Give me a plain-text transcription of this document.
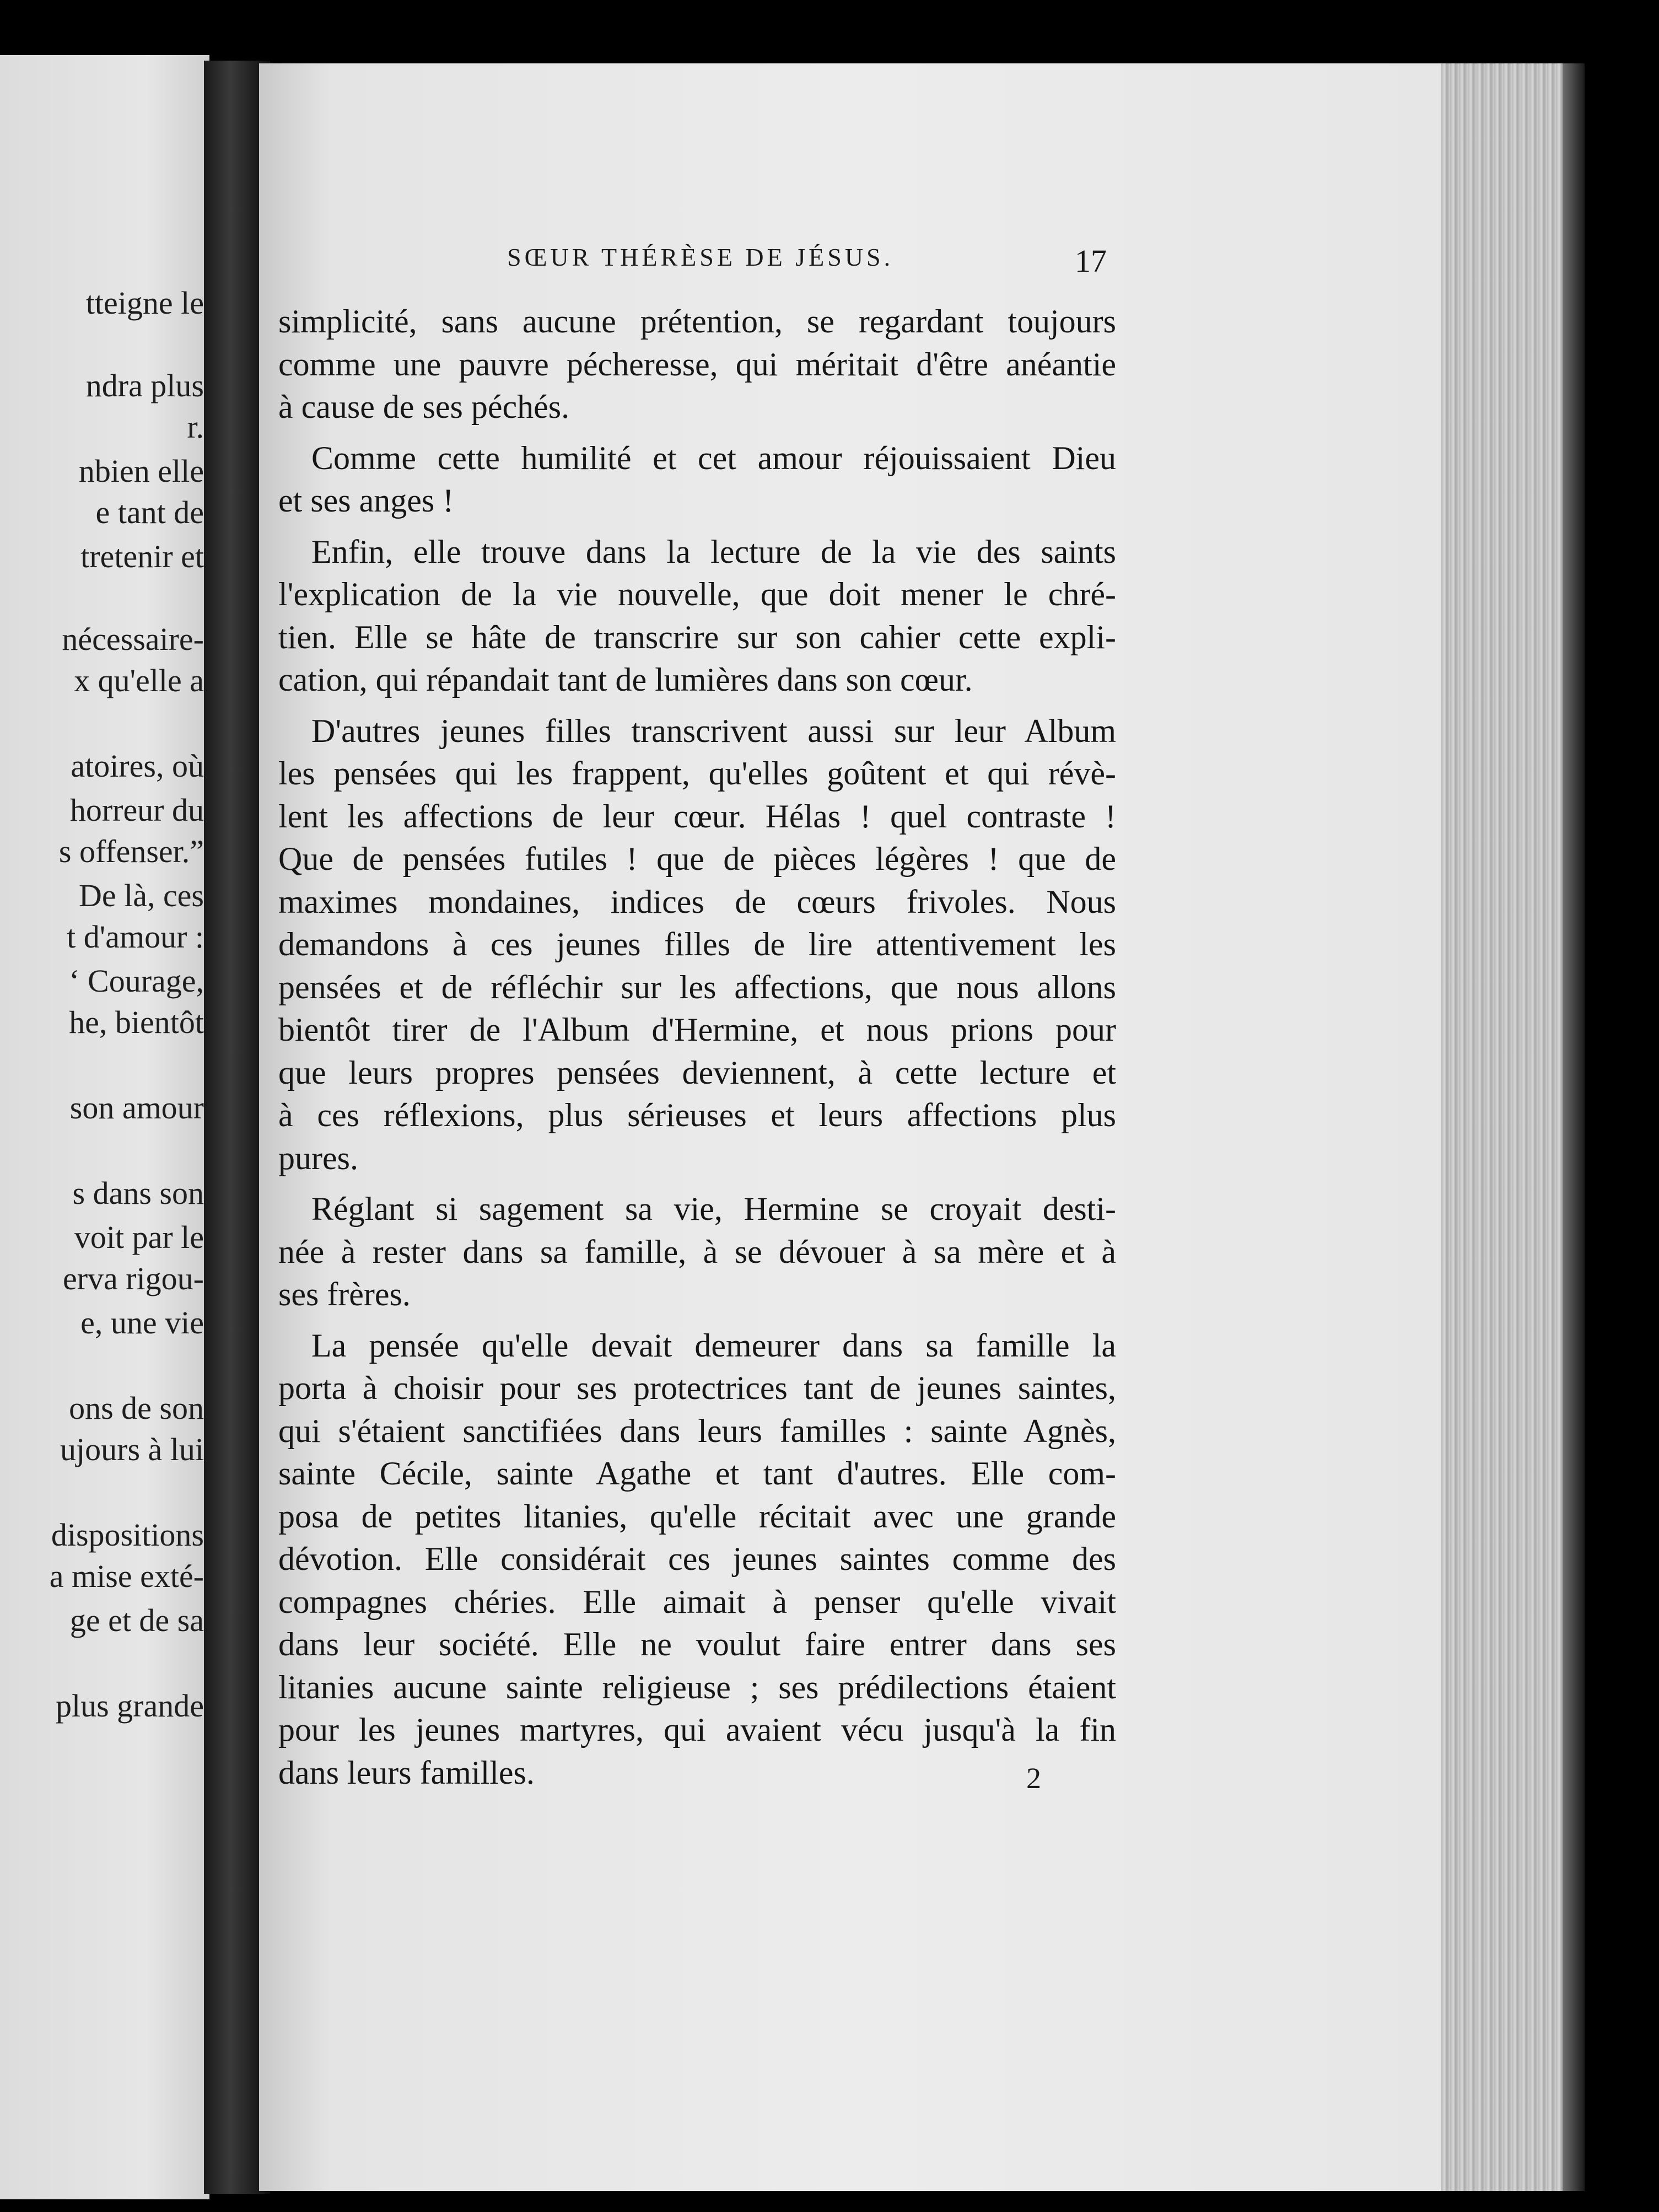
tteigne le

ndra plus

r.

nbien elle

e tant de

tretenir et

nécessaire-

x qu'elle a

atoires, où

horreur du

s offenser.”

De là, ces

t d'amour :

‘ Courage,

he, bientôt

son amour

s dans son

voit par le

erva rigou-

e, une vie

ons de son

ujours à lui

dispositions

a mise exté-

ge et de sa

plus grande

SŒUR THÉRÈSE DE JÉSUS.	17

simplicité, sans aucune prétention, se regardant toujours

comme une pauvre pécheresse, qui méritait d'être anéantie

à cause de ses péchés.

Comme cette humilité et cet amour réjouissaient Dieu

et ses anges !

Enfin, elle trouve dans la lecture de la vie des saints

l'explication de la vie nouvelle, que doit mener le chré-

tien. Elle se hâte de transcrire sur son cahier cette expli-

cation, qui répandait tant de lumières dans son cœur.

D'autres jeunes filles transcrivent aussi sur leur Album

les pensées qui les frappent, qu'elles goûtent et qui révè-

lent les affections de leur cœur. Hélas ! quel contraste !

Que de pensées futiles ! que de pièces légères ! que de

maximes mondaines, indices de cœurs frivoles. Nous

demandons à ces jeunes filles de lire attentivement les

pensées et de réfléchir sur les affections, que nous allons

bientôt tirer de l'Album d'Hermine, et nous prions pour

que leurs propres pensées deviennent, à cette lecture et

à ces réflexions, plus sérieuses et leurs affections plus

pures.

Réglant si sagement sa vie, Hermine se croyait desti-

née à rester dans sa famille, à se dévouer à sa mère et à

ses frères.

La pensée qu'elle devait demeurer dans sa famille la

porta à choisir pour ses protectrices tant de jeunes saintes,

qui s'étaient sanctifiées dans leurs familles : sainte Agnès,

sainte Cécile, sainte Agathe et tant d'autres. Elle com-

posa de petites litanies, qu'elle récitait avec une grande

dévotion. Elle considérait ces jeunes saintes comme des

compagnes chéries. Elle aimait à penser qu'elle vivait

dans leur société. Elle ne voulut faire entrer dans ses

litanies aucune sainte religieuse ; ses prédilections étaient

pour les jeunes martyres, qui avaient vécu jusqu'à la fin

dans leurs familles.	2
